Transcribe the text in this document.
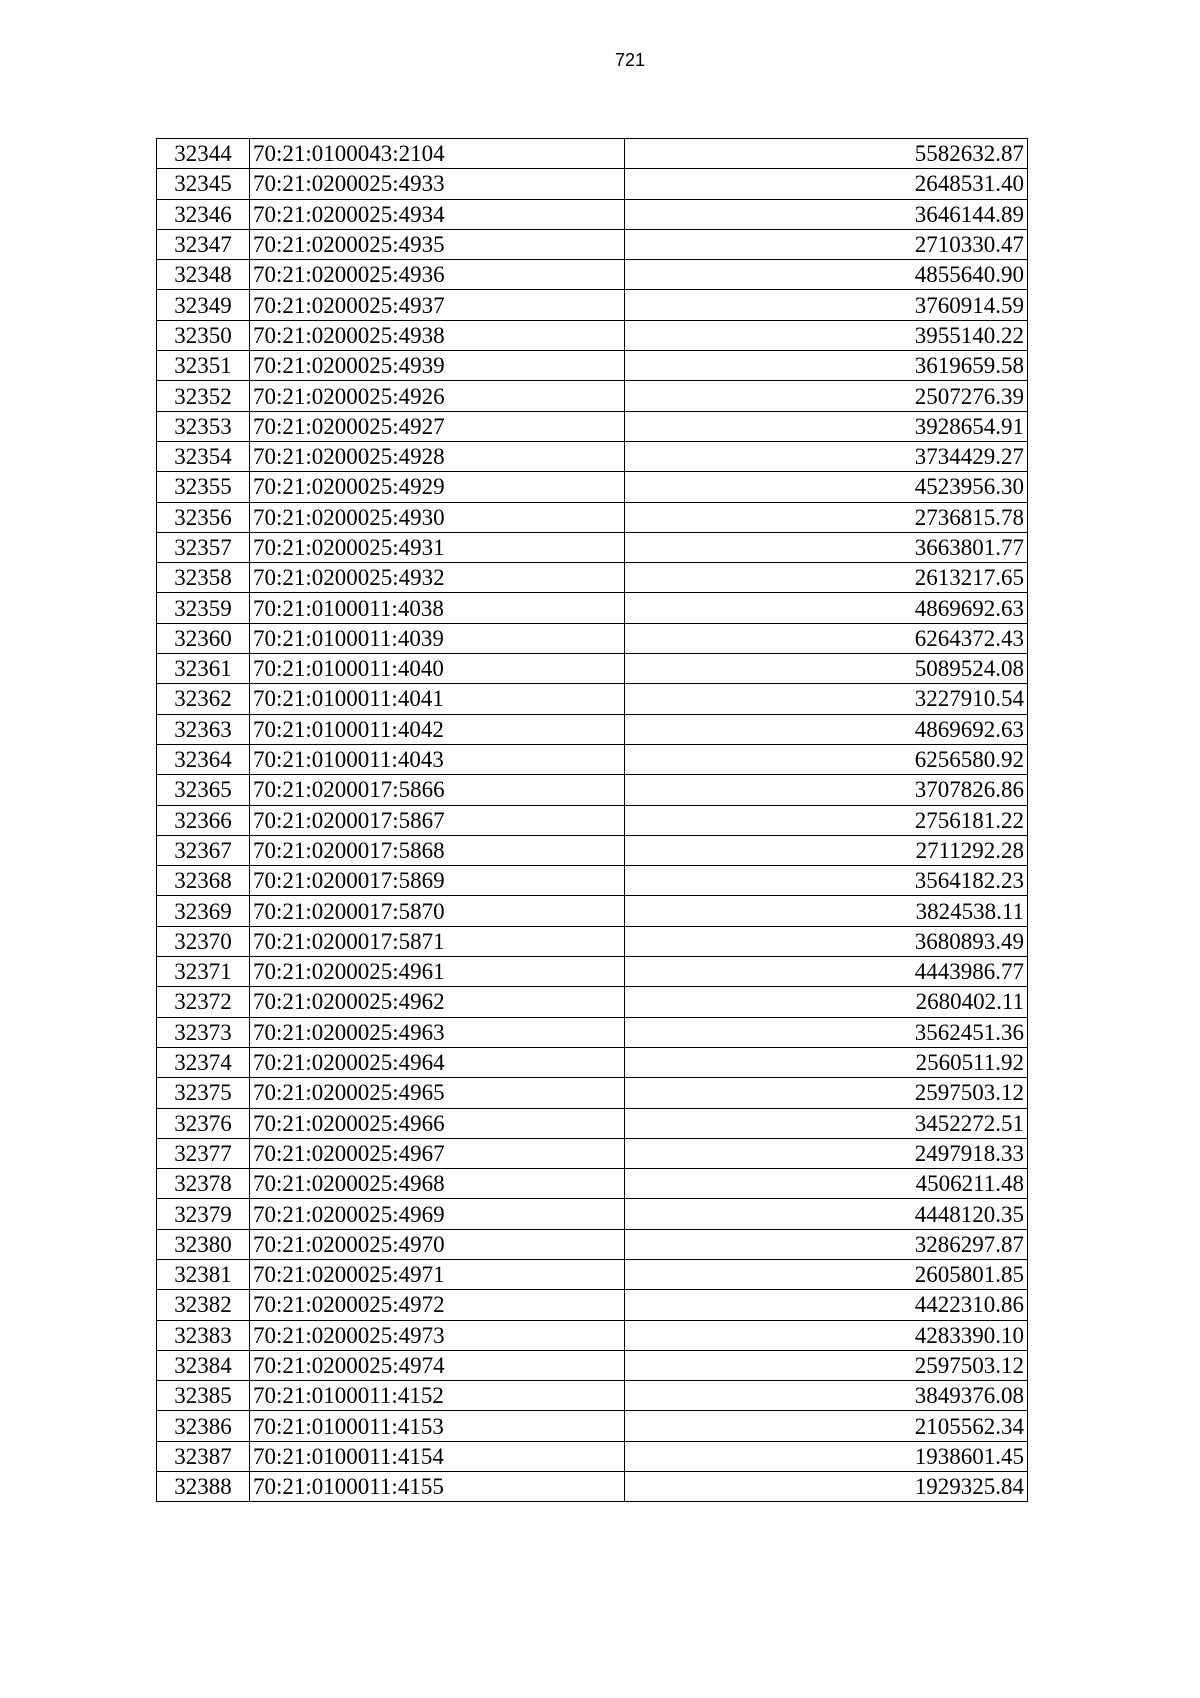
721
32344	70:21:0100043:2104	5582632.87
32345	70:21:0200025:4933	2648531.40
32346	70:21:0200025:4934	3646144.89
32347	70:21:0200025:4935	2710330.47
32348	70:21:0200025:4936	4855640.90
32349	70:21:0200025:4937	3760914.59
32350	70:21:0200025:4938	3955140.22
32351	70:21:0200025:4939	3619659.58
32352	70:21:0200025:4926	2507276.39
32353	70:21:0200025:4927	3928654.91
32354	70:21:0200025:4928	3734429.27
32355	70:21:0200025:4929	4523956.30
32356	70:21:0200025:4930	2736815.78
32357	70:21:0200025:4931	3663801.77
32358	70:21:0200025:4932	2613217.65
32359	70:21:0100011:4038	4869692.63
32360	70:21:0100011:4039	6264372.43
32361	70:21:0100011:4040	5089524.08
32362	70:21:0100011:4041	3227910.54
32363	70:21:0100011:4042	4869692.63
32364	70:21:0100011:4043	6256580.92
32365	70:21:0200017:5866	3707826.86
32366	70:21:0200017:5867	2756181.22
32367	70:21:0200017:5868	2711292.28
32368	70:21:0200017:5869	3564182.23
32369	70:21:0200017:5870	3824538.11
32370	70:21:0200017:5871	3680893.49
32371	70:21:0200025:4961	4443986.77
32372	70:21:0200025:4962	2680402.11
32373	70:21:0200025:4963	3562451.36
32374	70:21:0200025:4964	2560511.92
32375	70:21:0200025:4965	2597503.12
32376	70:21:0200025:4966	3452272.51
32377	70:21:0200025:4967	2497918.33
32378	70:21:0200025:4968	4506211.48
32379	70:21:0200025:4969	4448120.35
32380	70:21:0200025:4970	3286297.87
32381	70:21:0200025:4971	2605801.85
32382	70:21:0200025:4972	4422310.86
32383	70:21:0200025:4973	4283390.10
32384	70:21:0200025:4974	2597503.12
32385	70:21:0100011:4152	3849376.08
32386	70:21:0100011:4153	2105562.34
32387	70:21:0100011:4154	1938601.45
32388	70:21:0100011:4155	1929325.84
